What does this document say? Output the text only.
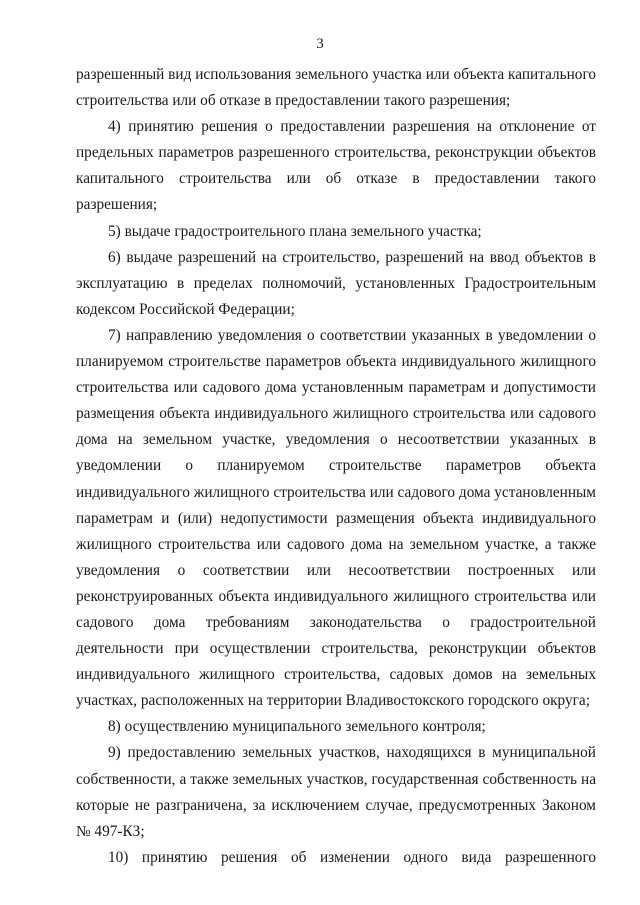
3

разрешенный вид использования земельного участка или объекта капитального строительства или об отказе в предоставлении такого разрешения;

4) принятию решения о предоставлении разрешения на отклонение от предельных параметров разрешенного строительства, реконструкции объектов капитального строительства или об отказе в предоставлении такого разрешения;

5) выдаче градостроительного плана земельного участка;

6) выдаче разрешений на строительство, разрешений на ввод объектов в эксплуатацию в пределах полномочий, установленных Градостроительным кодексом Российской Федерации;

7) направлению уведомления о соответствии указанных в уведомлении о планируемом строительстве параметров объекта индивидуального жилищного строительства или садового дома установленным параметрам и допустимости размещения объекта индивидуального жилищного строительства или садового дома на земельном участке, уведомления о несоответствии указанных в уведомлении о планируемом строительстве параметров объекта индивидуального жилищного строительства или садового дома установленным параметрам и (или) недопустимости размещения объекта индивидуального жилищного строительства или садового дома на земельном участке, а также уведомления о соответствии или несоответствии построенных или реконструированных объекта индивидуального жилищного строительства или садового дома требованиям законодательства о градостроительной деятельности при осуществлении строительства, реконструкции объектов индивидуального жилищного строительства, садовых домов на земельных участках, расположенных на территории Владивостокского городского округа;

8) осуществлению муниципального земельного контроля;

9) предоставлению земельных участков, находящихся в муниципальной собственности, а также земельных участков, государственная собственность на которые не разграничена, за исключением случае, предусмотренных Законом № 497-КЗ;

10) принятию решения об изменении одного вида разрешенного
